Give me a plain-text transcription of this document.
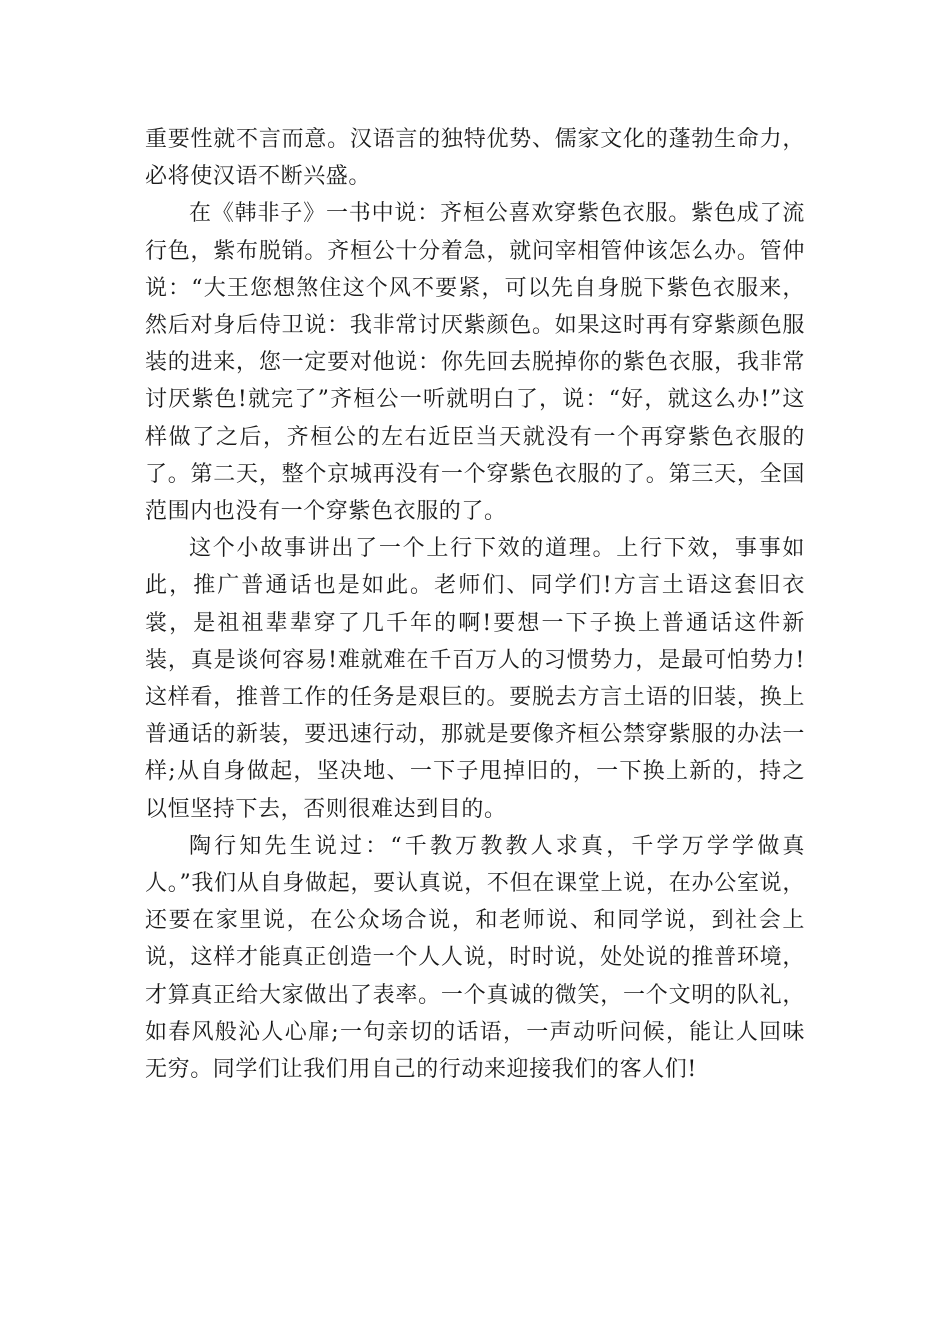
重要性就不言而意。汉语言的独特优势、儒家文化的蓬勃生命力，必将使汉语不断兴盛。

在《韩非子》一书中说：齐桓公喜欢穿紫色衣服。紫色成了流行色，紫布脱销。齐桓公十分着急，就问宰相管仲该怎么办。管仲说：“大王您想煞住这个风不要紧，可以先自身脱下紫色衣服来，然后对身后侍卫说：我非常讨厌紫颜色。如果这时再有穿紫颜色服装的进来，您一定要对他说：你先回去脱掉你的紫色衣服，我非常讨厌紫色!就完了”齐桓公一听就明白了，说：“好，就这么办!”这样做了之后，齐桓公的左右近臣当天就没有一个再穿紫色衣服的了。第二天，整个京城再没有一个穿紫色衣服的了。第三天，全国范围内也没有一个穿紫色衣服的了。

这个小故事讲出了一个上行下效的道理。上行下效，事事如此，推广普通话也是如此。老师们、同学们!方言土语这套旧衣裳，是祖祖辈辈穿了几千年的啊!要想一下子换上普通话这件新装，真是谈何容易!难就难在千百万人的习惯势力，是最可怕势力!这样看，推普工作的任务是艰巨的。要脱去方言土语的旧装，换上普通话的新装，要迅速行动，那就是要像齐桓公禁穿紫服的办法一样;从自身做起，坚决地、一下子甩掉旧的，一下换上新的，持之以恒坚持下去，否则很难达到目的。

陶行知先生说过：“千教万教教人求真，千学万学学做真人。”我们从自身做起，要认真说，不但在课堂上说，在办公室说，还要在家里说，在公众场合说，和老师说、和同学说，到社会上说，这样才能真正创造一个人人说，时时说，处处说的推普环境，才算真正给大家做出了表率。一个真诚的微笑，一个文明的队礼，如春风般沁人心扉;一句亲切的话语，一声动听问候，能让人回味无穷。同学们让我们用自己的行动来迎接我们的客人们!
